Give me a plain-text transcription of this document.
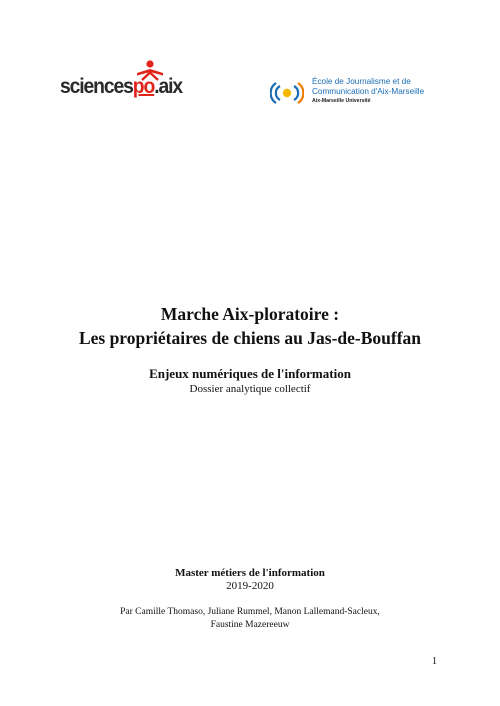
sciencespo.aix	École de Journalisme et de
Communication d'Aix-Marseille
Aix-Marseille Université
Marche Aix-ploratoire :
Les propriétaires de chiens au Jas-de-Bouffan
Enjeux numériques de l'information
Dossier analytique collectif
Master métiers de l'information
2019-2020
Par Camille Thomaso, Juliane Rummel, Manon Lallemand-Sacleux,
Faustine Mazereeuw
1
